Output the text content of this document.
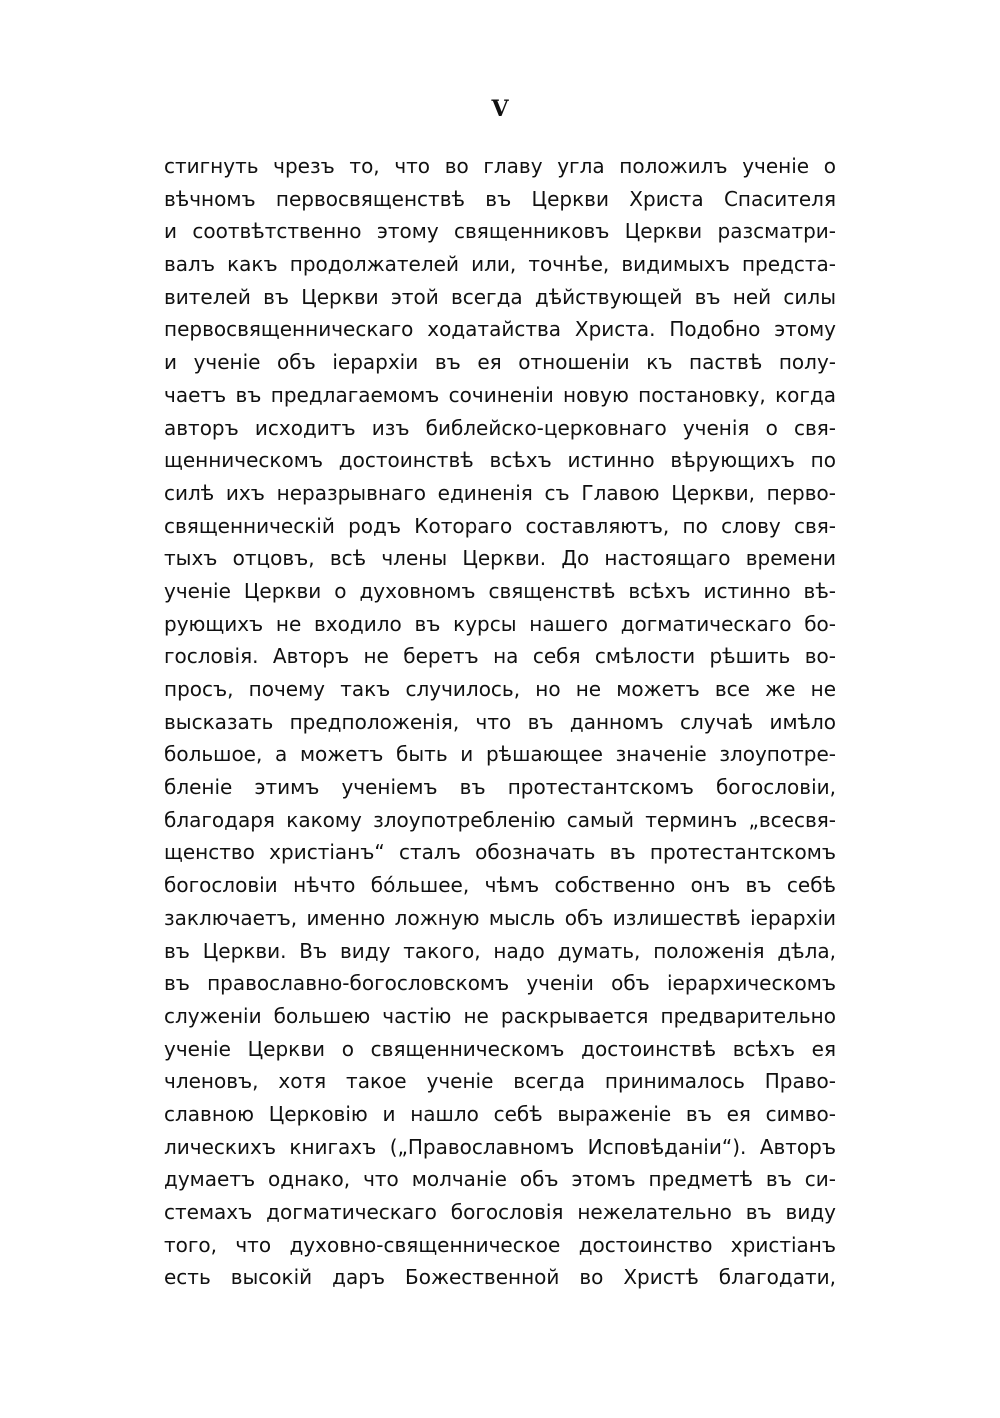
V
стигнуть чрезъ то, что во главу угла положилъ ученіе о
вѣчномъ первосвященствѣ въ Церкви Христа Спасителя
и соотвѣтственно этому священниковъ Церкви разсматри-
валъ какъ продолжателей или, точнѣе, видимыхъ предста-
вителей въ Церкви этой всегда дѣйствующей въ ней силы
первосвященническаго ходатайства Христа. Подобно этому
и ученіе объ іерархіи въ ея отношеніи къ паствѣ полу-
чаетъ въ предлагаемомъ сочиненіи новую постановку, когда
авторъ исходитъ изъ библейско-церковнаго ученія о свя-
щенническомъ достоинствѣ всѣхъ истинно вѣрующихъ по
силѣ ихъ неразрывнаго единенія съ Главою Церкви, перво-
священническій родъ Котораго составляютъ, по слову свя-
тыхъ отцовъ, всѣ члены Церкви. До настоящаго времени
ученіе Церкви о духовномъ священствѣ всѣхъ истинно вѣ-
рующихъ не входило въ курсы нашего догматическаго бо-
гословія. Авторъ не беретъ на себя смѣлости рѣшить во-
просъ, почему такъ случилось, но не можетъ все же не
высказать предположенія, что въ данномъ случаѣ имѣло
большое, а можетъ быть и рѣшающее значеніе злоупотре-
бленіе этимъ ученіемъ въ протестантскомъ богословіи,
благодаря какому злоупотребленію самый терминъ „всесвя-
щенство христіанъ“ сталъ обозначать въ протестантскомъ
богословіи нѣчто бо́льшее, чѣмъ собственно онъ въ себѣ
заключаетъ, именно ложную мысль объ излишествѣ іерархіи
въ Церкви. Въ виду такого, надо думать, положенія дѣла,
въ православно-богословскомъ ученіи объ іерархическомъ
служеніи большею частію не раскрывается предварительно
ученіе Церкви о священническомъ достоинствѣ всѣхъ ея
членовъ, хотя такое ученіе всегда принималось Право-
славною Церковію и нашло себѣ выраженіе въ ея симво-
лическихъ книгахъ („Православномъ Исповѣданіи“). Авторъ
думаетъ однако, что молчаніе объ этомъ предметѣ въ си-
стемахъ догматическаго богословія нежелательно въ виду
того, что духовно-священническое достоинство христіанъ
есть высокій даръ Божественной во Христѣ благодати,
